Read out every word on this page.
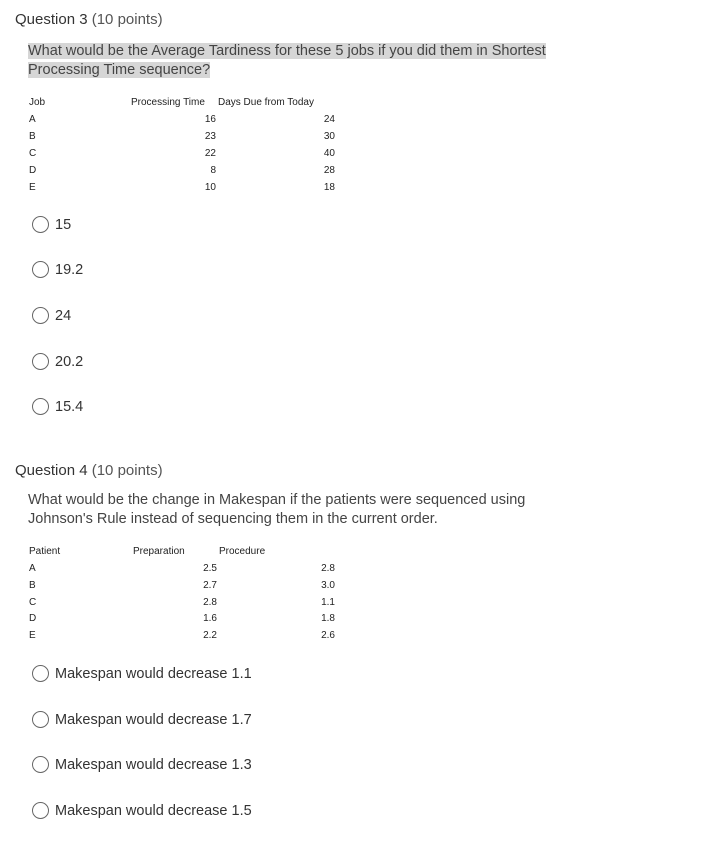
Question 3 (10 points)
What would be the Average Tardiness for these 5 jobs if you did them in Shortest
Processing Time sequence?
Job	Processing Time Days Due from Today
A	16	24
B	23	30
C	22	40
D	8	28
E	10	18
15
19.2
24
20.2
15.4
Question 4 (10 points)
What would be the change in Makespan if the patients were sequenced using
Johnson's Rule instead of sequencing them in the current order.
Patient	Preparation	Procedure
A	2.5	2.8
B	2.7	3.0
C	2.8	1.1
D	1.6	1.8
E	2.2	2.6
Makespan would decrease 1.1
Makespan would decrease 1.7
Makespan would decrease 1.3
Makespan would decrease 1.5
